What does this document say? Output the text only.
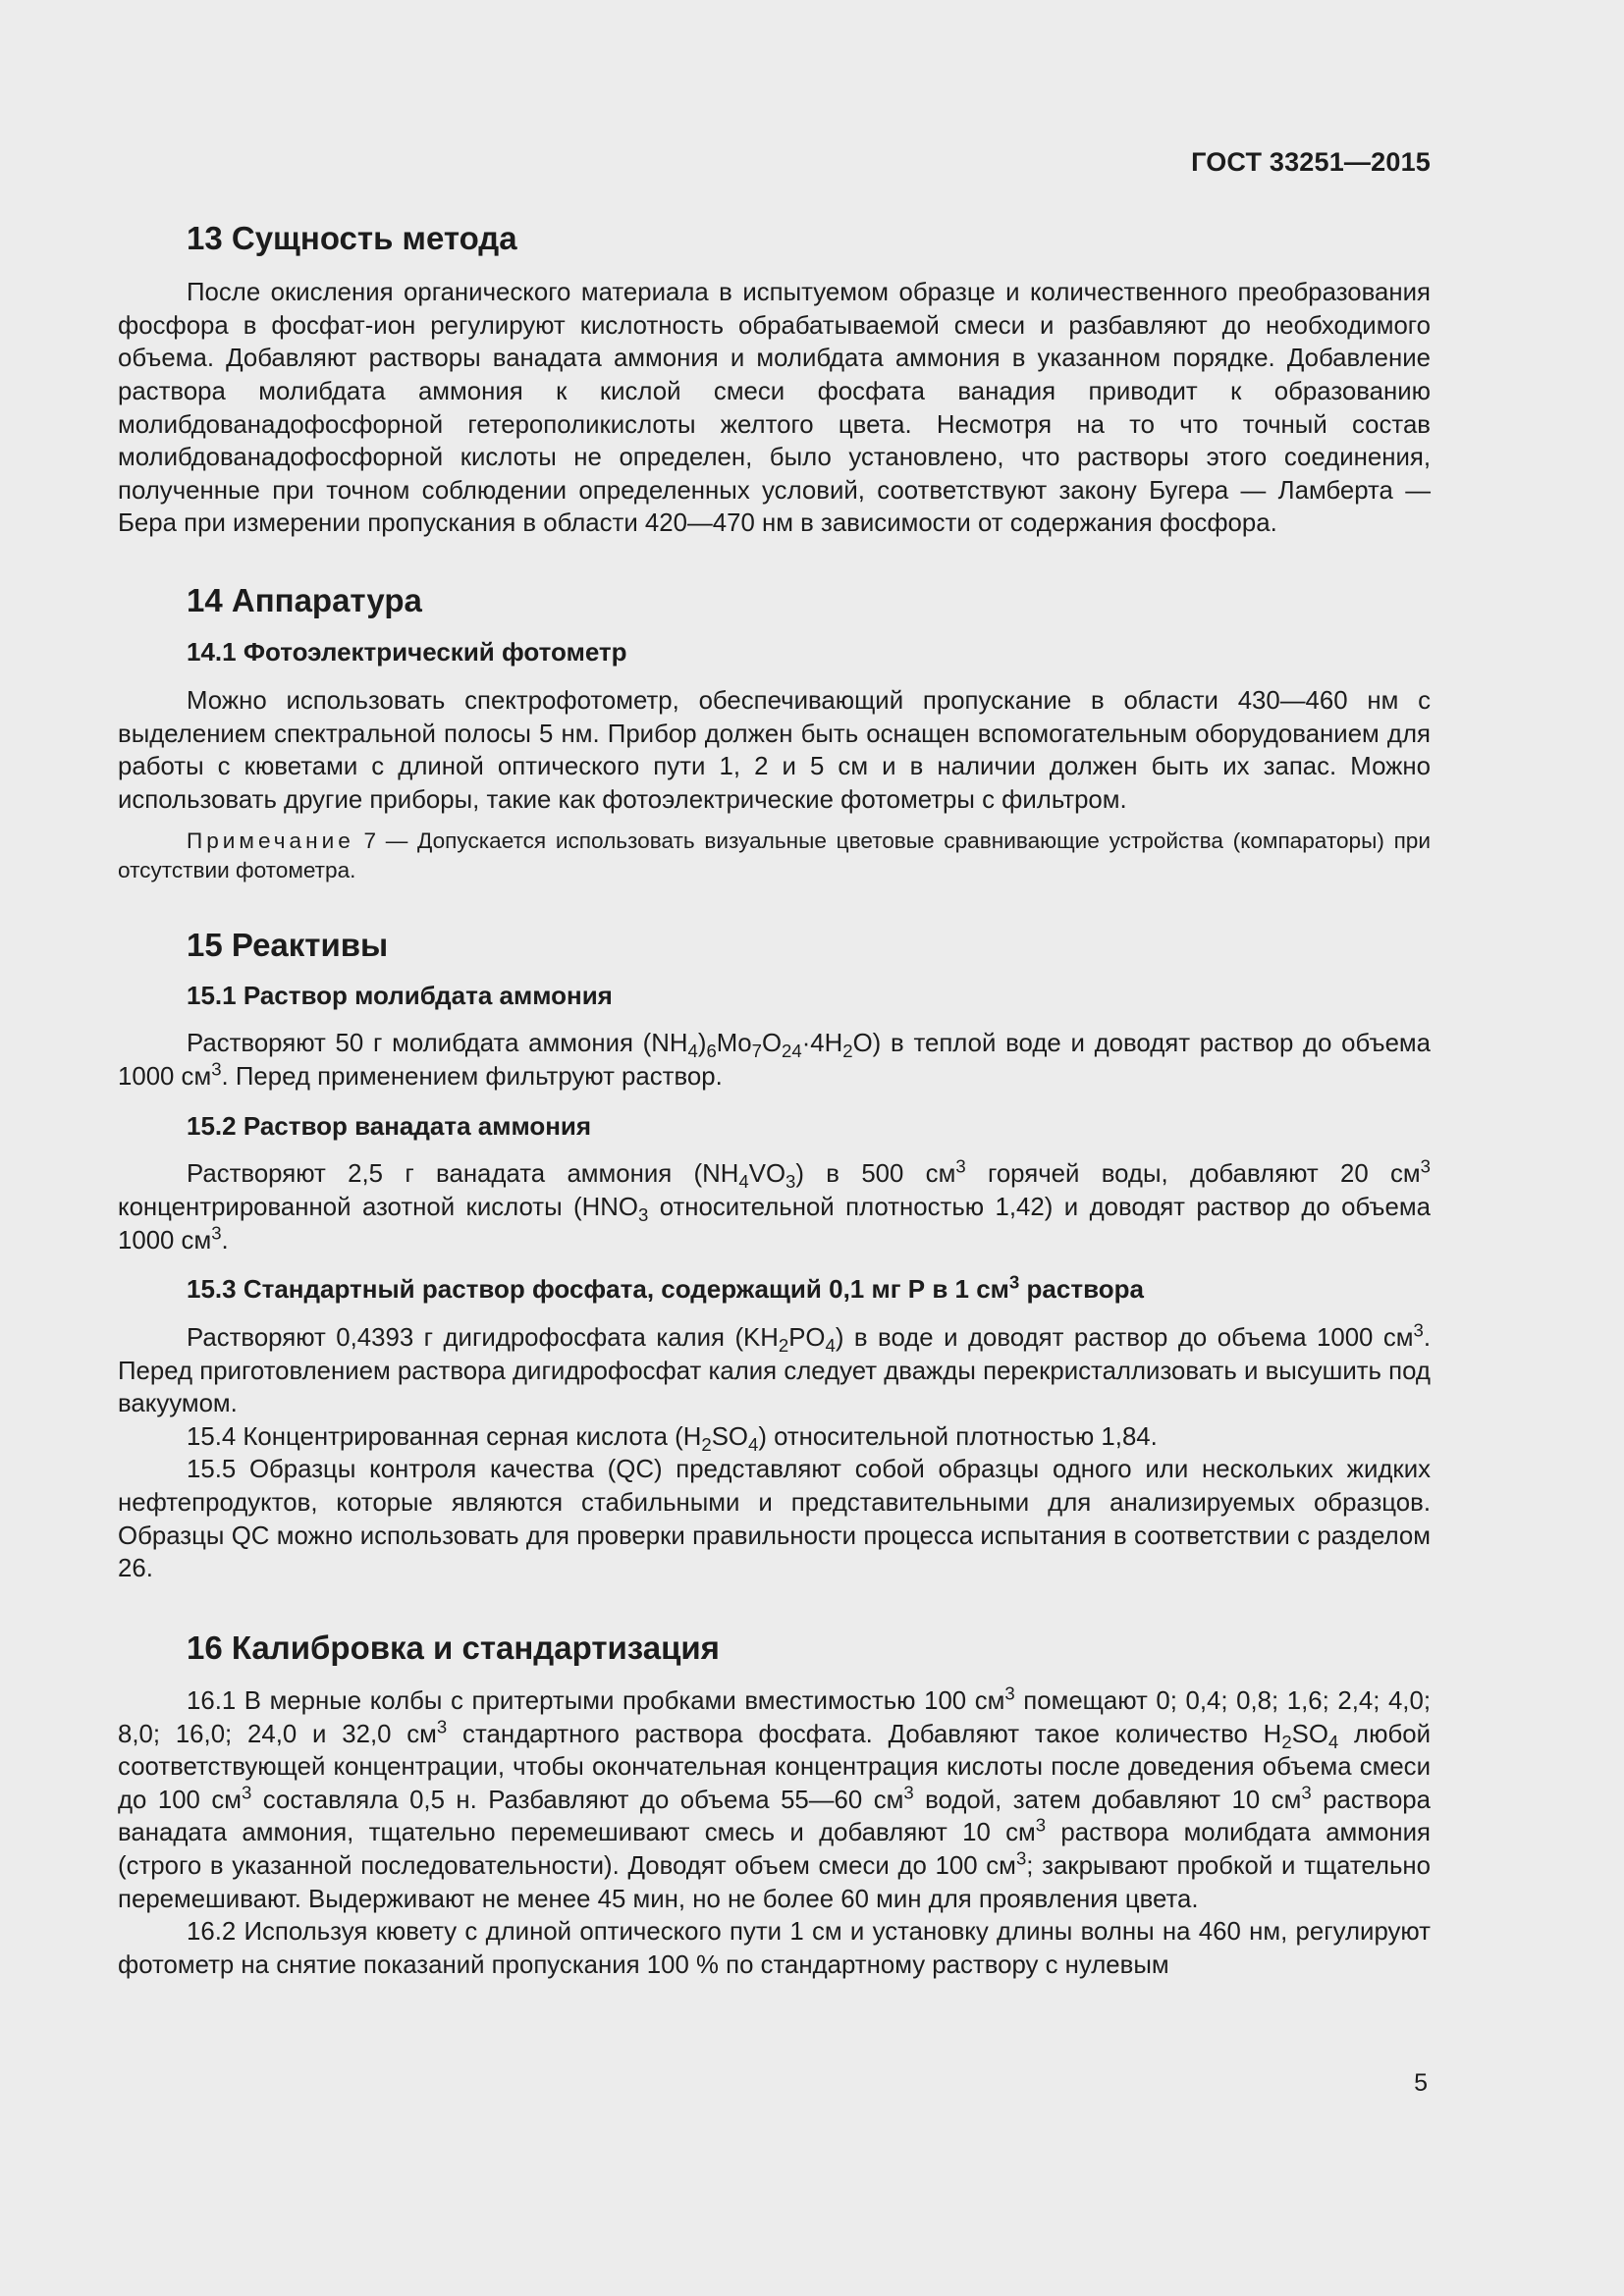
ГОСТ 33251—2015
13 Сущность метода

После окисления органического материала в испытуемом образце и количественного преобразования фосфора в фосфат-ион регулируют кислотность обрабатываемой смеси и разбавляют до необходимого объема. Добавляют растворы ванадата аммония и молибдата аммония в указанном порядке. Добавление раствора молибдата аммония к кислой смеси фосфата ванадия приводит к образованию молибдованадофосфорной гетерополикислоты желтого цвета. Несмотря на то что точный состав молибдованадофосфорной кислоты не определен, было установлено, что растворы этого соединения, полученные при точном соблюдении определенных условий, соответствуют закону Бугера — Ламберта — Бера при измерении пропускания в области 420—470 нм в зависимости от содержания фосфора.

14 Аппаратура
14.1 Фотоэлектрический фотометр

Можно использовать спектрофотометр, обеспечивающий пропускание в области 430—460 нм с выделением спектральной полосы 5 нм. Прибор должен быть оснащен вспомогательным оборудованием для работы с кюветами с длиной оптического пути 1, 2 и 5 см и в наличии должен быть их запас. Можно использовать другие приборы, такие как фотоэлектрические фотометры с фильтром.

Примечание 7 — Допускается использовать визуальные цветовые сравнивающие устройства (компараторы) при отсутствии фотометра.

15 Реактивы
15.1 Раствор молибдата аммония

Растворяют 50 г молибдата аммония $(NH_4)_6Mo_7O_{24}\cdot 4H_2O$) в теплой воде и доводят раствор до объема 1000 $см^3$. Перед применением фильтруют раствор.

15.2 Раствор ванадата аммония

Растворяют 2,5 г ванадата аммония $(NH_4VO_3)$ в 500 $см^3$ горячей воды, добавляют 20 $см^3$ концентрированной азотной кислоты ($HNO_3$ относительной плотностью 1,42) и доводят раствор до объема 1000 $см^3$.

15.3 Стандартный раствор фосфата, содержащий 0,1 мг Р в 1 $см^3$ раствора

Растворяют 0,4393 г дигидрофосфата калия $(KH_2PO_4)$ в воде и доводят раствор до объема 1000 $см^3$. Перед приготовлением раствора дигидрофосфат калия следует дважды перекристаллизовать и высушить под вакуумом.

15.4 Концентрированная серная кислота $(H_2SO_4)$ относительной плотностью 1,84.

15.5 Образцы контроля качества (QC) представляют собой образцы одного или нескольких жидких нефтепродуктов, которые являются стабильными и представительными для анализируемых образцов. Образцы QC можно использовать для проверки правильности процесса испытания в соответствии с разделом 26.

16 Калибровка и стандартизация

16.1 В мерные колбы с притертыми пробками вместимостью 100 $см^3$ помещают 0; 0,4; 0,8; 1,6; 2,4; 4,0; 8,0; 16,0; 24,0 и 32,0 $см^3$ стандартного раствора фосфата. Добавляют такое количество $H_2SO_4$ любой соответствующей концентрации, чтобы окончательная концентрация кислоты после доведения объема смеси до 100 $см^3$ составляла 0,5 н. Разбавляют до объема 55—60 $см^3$ водой, затем добавляют 10 $см^3$ раствора ванадата аммония, тщательно перемешивают смесь и добавляют 10 $см^3$ раствора молибдата аммония (строго в указанной последовательности). Доводят объем смеси до 100 $см^3$; закрывают пробкой и тщательно перемешивают. Выдерживают не менее 45 мин, но не более 60 мин для проявления цвета.

16.2 Используя кювету с длиной оптического пути 1 см и установку длины волны на 460 нм, регулируют фотометр на снятие показаний пропускания 100 % по стандартному раствору с нулевым

5
